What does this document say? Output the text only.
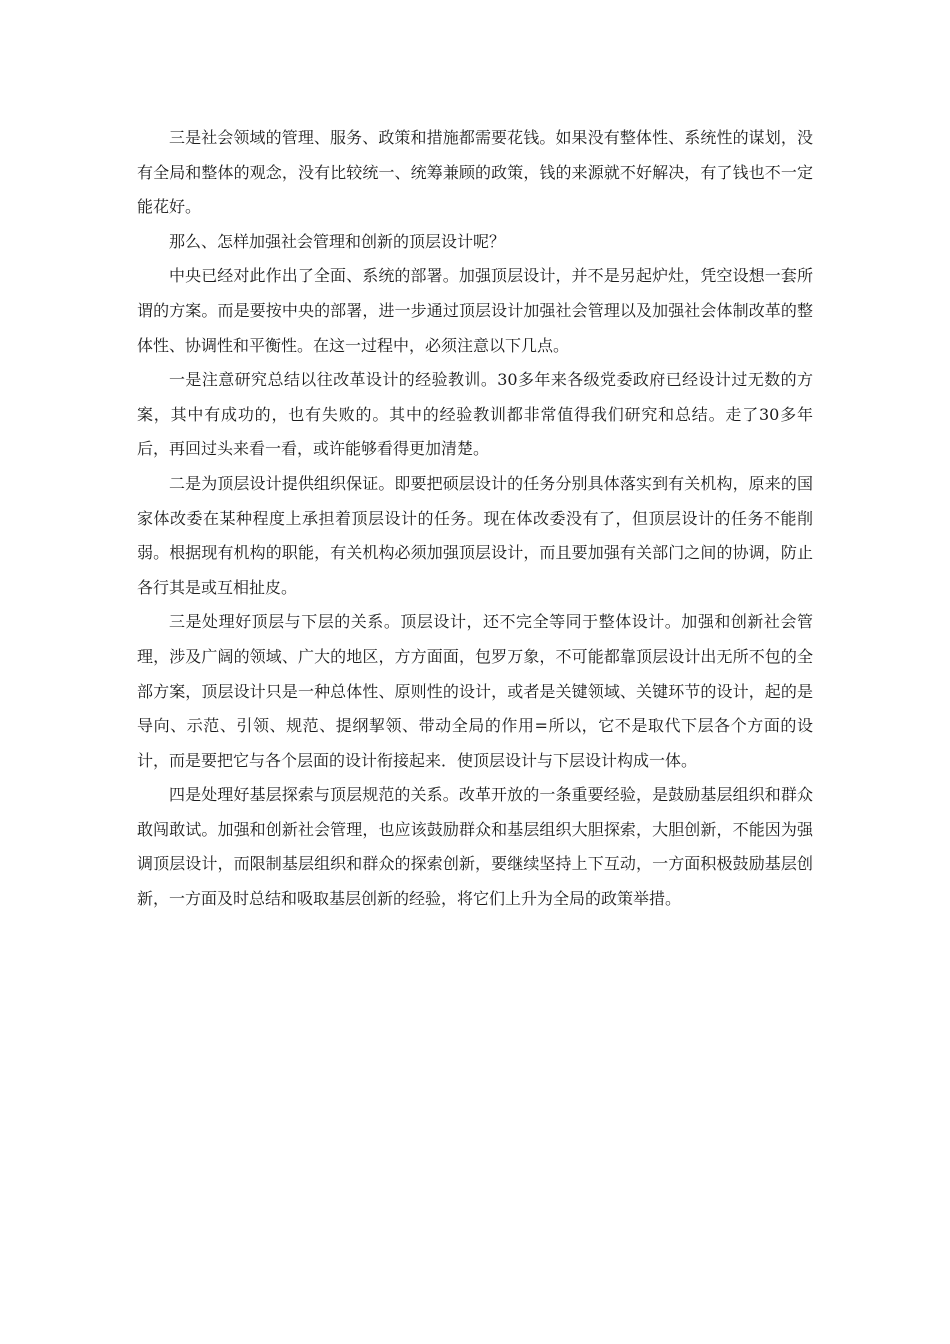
三是社会领域的管理、服务、政策和措施都需要花钱。如果没有整体性、系统性的谋划，没有全局和整体的观念，没有比较统一、统筹兼顾的政策，钱的来源就不好解决，有了钱也不一定能花好。

那么、怎样加强社会管理和创新的顶层设计呢？

中央已经对此作出了全面、系统的部署。加强顶层设计，并不是另起炉灶，凭空设想一套所谓的方案。而是要按中央的部署，进一步通过顶层设计加强社会管理以及加强社会体制改革的整体性、协调性和平衡性。在这一过程中，必须注意以下几点。

一是注意研究总结以往改革设计的经验教训。30多年来各级党委政府已经设计过无数的方案，其中有成功的，也有失败的。其中的经验教训都非常值得我们研究和总结。走了30多年后，再回过头来看一看，或许能够看得更加清楚。

二是为顶层设计提供组织保证。即要把硕层设计的任务分别具体落实到有关机构，原来的国家体改委在某种程度上承担着顶层设计的任务。现在体改委没有了，但顶层设计的任务不能削弱。根据现有机构的职能，有关机构必须加强顶层设计，而且要加强有关部门之间的协调，防止各行其是或互相扯皮。

三是处理好顶层与下层的关系。顶层设计，还不完全等同于整体设计。加强和创新社会管理，涉及广阔的领域、广大的地区，方方面面，包罗万象，不可能都靠顶层设计出无所不包的全部方案，顶层设计只是一种总体性、原则性的设计，或者是关键领域、关键环节的设计，起的是导向、示范、引领、规范、提纲挈领、带动全局的作用=所以，它不是取代下层各个方面的设计，而是要把它与各个层面的设计衔接起来．使顶层设计与下层设计构成一体。

四是处理好基层探索与顶层规范的关系。改革开放的一条重要经验，是鼓励基层组织和群众敢闯敢试。加强和创新社会管理，也应该鼓励群众和基层组织大胆探索，大胆创新，不能因为强调顶层设计，而限制基层组织和群众的探索创新，要继续坚持上下互动，一方面积极鼓励基层创新，一方面及时总结和吸取基层创新的经验，将它们上升为全局的政策举措。
